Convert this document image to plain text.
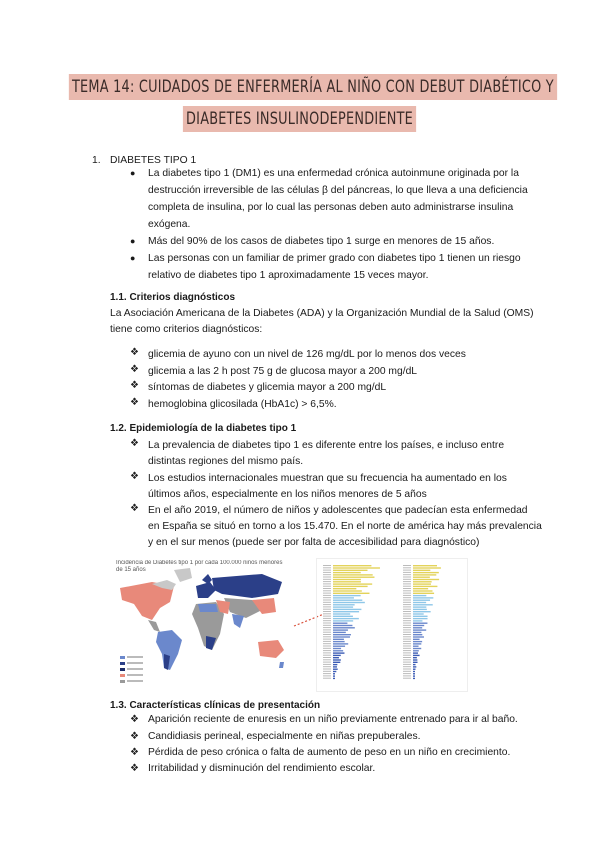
TEMA 14: CUIDADOS DE ENFERMERÍA AL NIÑO CON DEBUT DIABÉTICO Y
DIABETES INSULINODEPENDIENTE
1. DIABETES TIPO 1
● La diabetes tipo 1 (DM1) es una enfermedad crónica autoinmune originada por la
destrucción irreversible de las células β del páncreas, lo que lleva a una deficiencia
completa de insulina, por lo cual las personas deben auto administrarse insulina
exógena.
● Más del 90% de los casos de diabetes tipo 1 surge en menores de 15 años.
● Las personas con un familiar de primer grado con diabetes tipo 1 tienen un riesgo
relativo de diabetes tipo 1 aproximadamente 15 veces mayor.
1.1. Criterios diagnósticos
La Asociación Americana de la Diabetes (ADA) y la Organización Mundial de la Salud (OMS)
tiene como criterios diagnósticos:
❖ glicemia de ayuno con un nivel de 126 mg/dL por lo menos dos veces
❖ glicemia a las 2 h post 75 g de glucosa mayor a 200 mg/dL
❖ síntomas de diabetes y glicemia mayor a 200 mg/dL
❖ hemoglobina glicosilada (HbA1c) > 6,5%.
1.2. Epidemiología de la diabetes tipo 1
❖ La prevalencia de diabetes tipo 1 es diferente entre los países, e incluso entre
distintas regiones del mismo país.
❖ Los estudios internacionales muestran que su frecuencia ha aumentado en los
últimos años, especialmente en los niños menores de 5 años
❖ En el año 2019, el número de niños y adolescentes que padecían esta enfermedad
en España se situó en torno a los 15.470. En el norte de américa hay más prevalencia
y en el sur menos (puede ser por falta de accesibilidad para diagnóstico)
Incidencia de Diabetes tipo 1 por cada 100.000 niños menores de 15 años
1.3. Características clínicas de presentación
❖ Aparición reciente de enuresis en un niño previamente entrenado para ir al baño.
❖ Candidiasis perineal, especialmente en niñas prepuberales.
❖ Pérdida de peso crónica o falta de aumento de peso en un niño en crecimiento.
❖ Irritabilidad y disminución del rendimiento escolar.
